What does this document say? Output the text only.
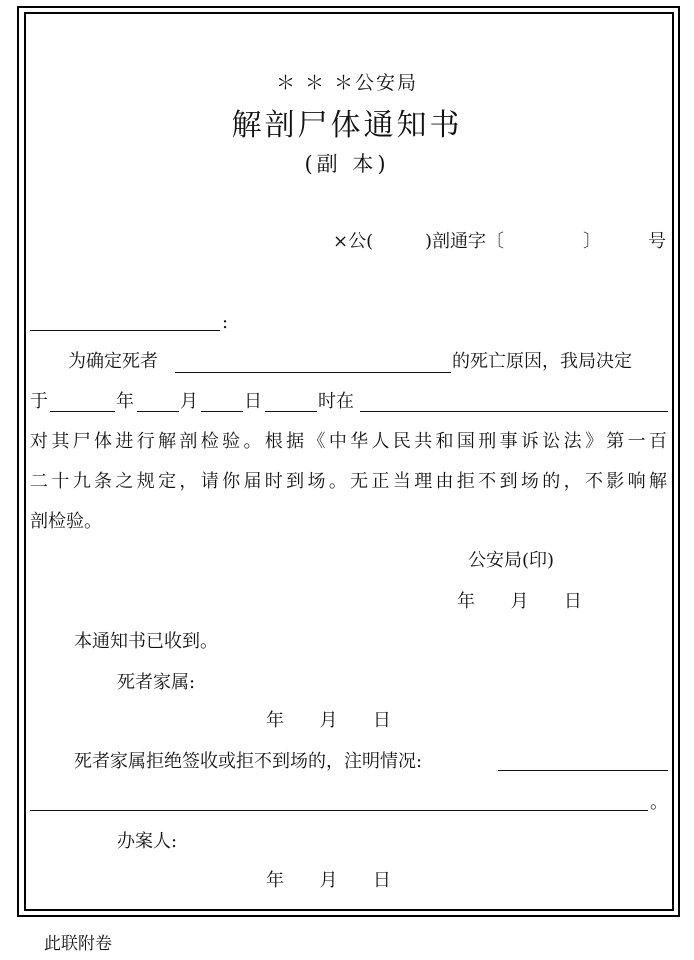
＊ ＊ ＊公安局
解剖尸体通知书
(副 本)
×公(	)剖通字〔	〕	号
:
为确定死者	的死亡原因，我局决定
于	年	月	日	时在
对其尸体进行解剖检验。根据《中华人民共和国刑事诉讼法》第一百
二十九条之规定，请你届时到场。无正当理由拒不到场的，不影响解
剖检验。
公安局(印)
年  月  日
本通知书已收到。
死者家属:
年  月  日
死者家属拒绝签收或拒不到场的，注明情况:
。
办案人:
年  月  日
此联附卷
